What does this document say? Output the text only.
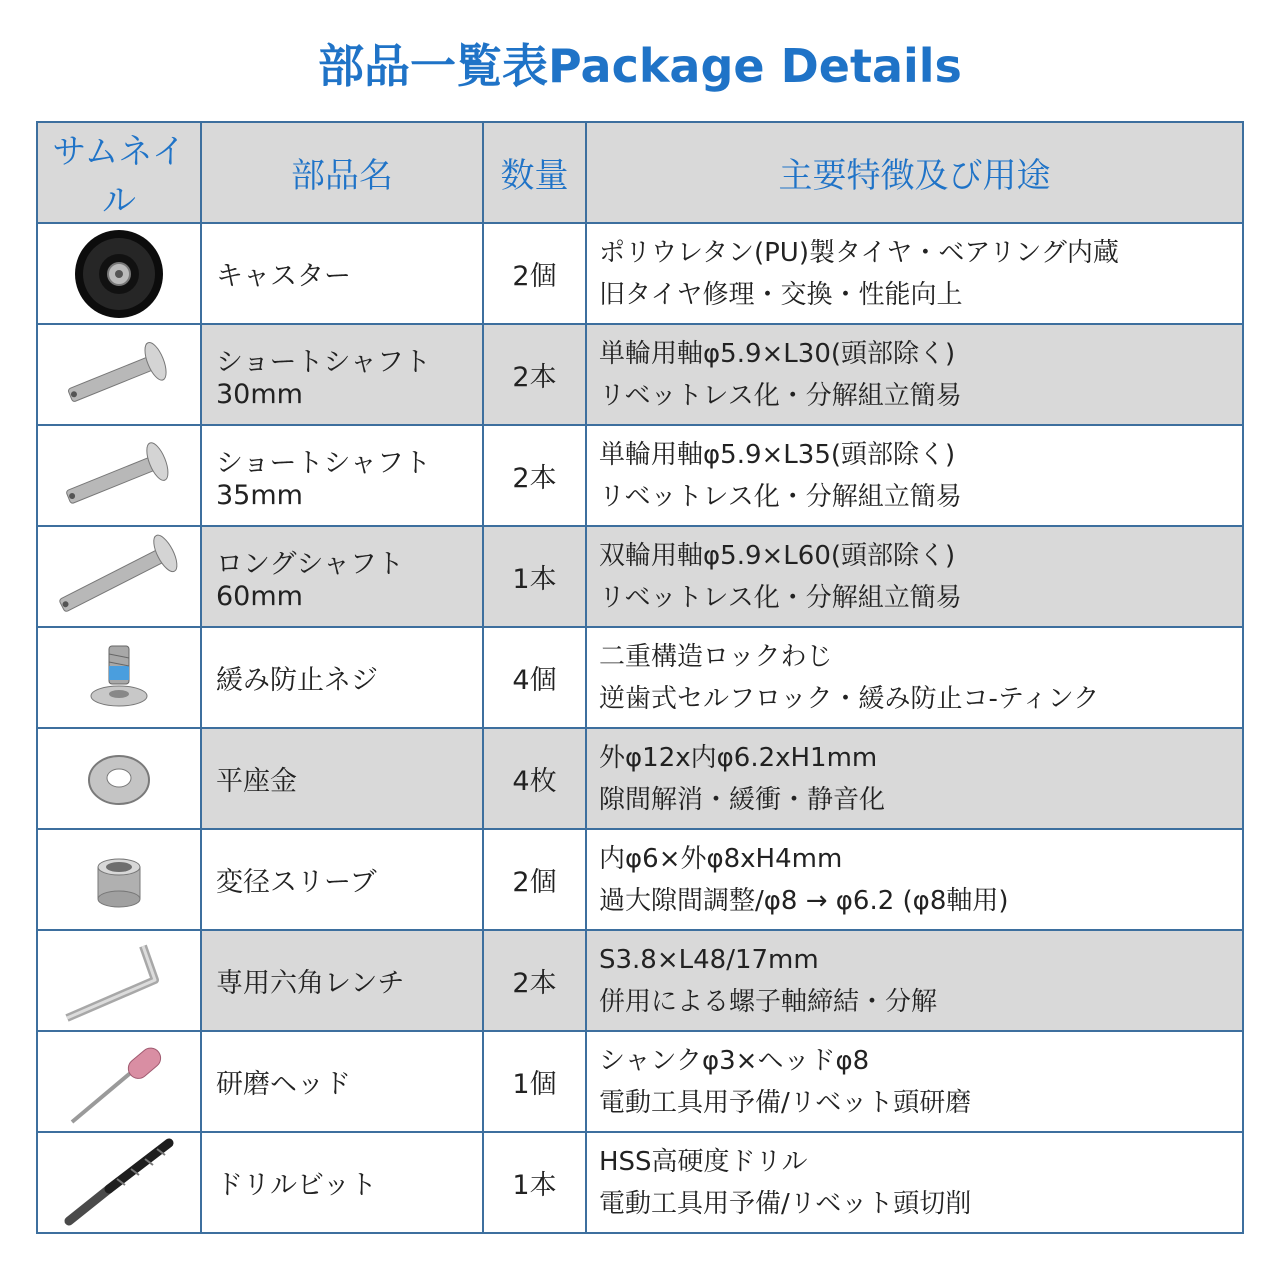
部品一覧表Package Details
サムネイル	部品名	数量	主要特徴及び用途

	キャスター	2個	ポリウレタン(PU)製タイヤ・ベアリング内蔵
旧タイヤ修理・交換・性能向上

	ショートシャフト30mm	2本	単輪用軸φ5.9×L30(頭部除く)
リベットレス化・分解組立簡易

	ショートシャフト35mm	2本	単輪用軸φ5.9×L35(頭部除く)
リベットレス化・分解組立簡易

	ロングシャフト60mm	1本	双輪用軸φ5.9×L60(頭部除く)
リベットレス化・分解組立簡易

	緩み防止ネジ	4個	二重構造ロックわじ
逆歯式セルフロック・緩み防止コ-ティンク

	平座金	4枚	外φ12x内φ6.2xH1mm
隙間解消・緩衝・静音化

	変径スリーブ	2個	内φ6×外φ8xH4mm
過大隙間調整/φ8 → φ6.2 (φ8軸用)

	専用六角レンチ	2本	S3.8×L48/17mm
併用による螺子軸締結・分解

	研磨ヘッド	1個	シャンクφ3×ヘッドφ8
電動工具用予備/リベット頭研磨

	ドリルビット	1本	HSS高硬度ドリル
電動工具用予備/リベット頭切削
